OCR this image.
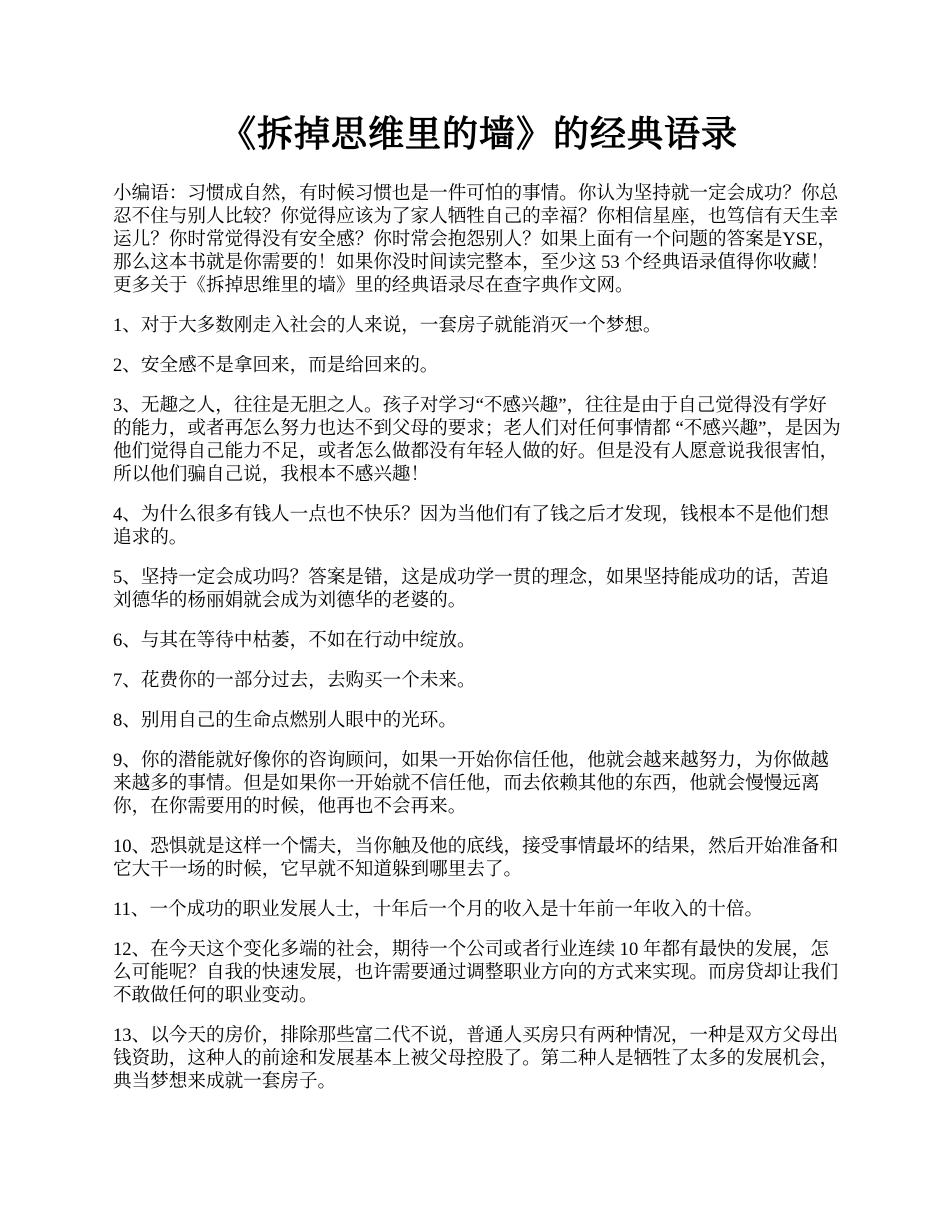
《拆掉思维里的墙》的经典语录

小编语：习惯成自然，有时候习惯也是一件可怕的事情。你认为坚持就一定会成功？你总忍不住与别人比较？你觉得应该为了家人牺牲自己的幸福？你相信星座，也笃信有天生幸运儿？你时常觉得没有安全感？你时常会抱怨别人？如果上面有一个问题的答案是YSE，那么这本书就是你需要的！如果你没时间读完整本，至少这 53 个经典语录值得你收藏！更多关于《拆掉思维里的墙》里的经典语录尽在查字典作文网。

1、对于大多数刚走入社会的人来说，一套房子就能消灭一个梦想。

2、安全感不是拿回来，而是给回来的。

3、无趣之人，往往是无胆之人。孩子对学习“不感兴趣”，往往是由于自己觉得没有学好的能力，或者再怎么努力也达不到父母的要求；老人们对任何事情都 “不感兴趣”，是因为他们觉得自己能力不足，或者怎么做都没有年轻人做的好。但是没有人愿意说我很害怕，所以他们骗自己说，我根本不感兴趣！

4、为什么很多有钱人一点也不快乐？因为当他们有了钱之后才发现，钱根本不是他们想追求的。

5、坚持一定会成功吗？答案是错，这是成功学一贯的理念，如果坚持能成功的话，苦追刘德华的杨丽娟就会成为刘德华的老婆的。

6、与其在等待中枯萎，不如在行动中绽放。

7、花费你的一部分过去，去购买一个未来。

8、别用自己的生命点燃别人眼中的光环。

9、你的潜能就好像你的咨询顾问，如果一开始你信任他，他就会越来越努力，为你做越来越多的事情。但是如果你一开始就不信任他，而去依赖其他的东西，他就会慢慢远离你，在你需要用的时候，他再也不会再来。

10、恐惧就是这样一个懦夫，当你触及他的底线，接受事情最坏的结果，然后开始准备和它大干一场的时候，它早就不知道躲到哪里去了。

11、一个成功的职业发展人士，十年后一个月的收入是十年前一年收入的十倍。

12、在今天这个变化多端的社会，期待一个公司或者行业连续 10 年都有最快的发展，怎么可能呢？自我的快速发展，也许需要通过调整职业方向的方式来实现。而房贷却让我们不敢做任何的职业变动。

13、以今天的房价，排除那些富二代不说，普通人买房只有两种情况，一种是双方父母出钱资助，这种人的前途和发展基本上被父母控股了。第二种人是牺牲了太多的发展机会，典当梦想来成就一套房子。
